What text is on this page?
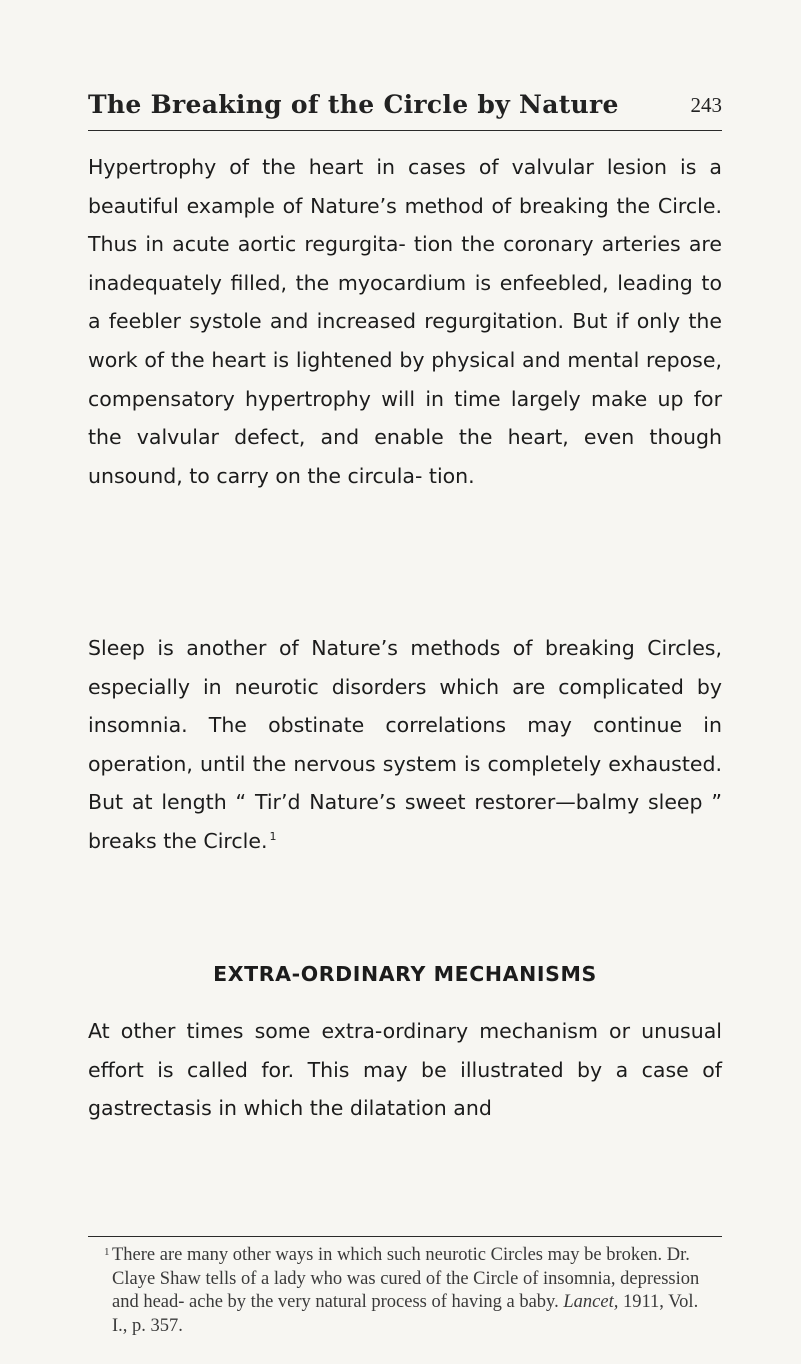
The Breaking of the Circle by Nature	243

Hypertrophy of the heart in cases of valvular lesion is a beautiful example of Nature’s method of breaking the Circle. Thus in acute aortic regurgita- tion the coronary arteries are inadequately filled, the myocardium is enfeebled, leading to a feebler systole and increased regurgitation. But if only the work of the heart is lightened by physical and mental repose, compensatory hypertrophy will in time largely make up for the valvular defect, and enable the heart, even though unsound, to carry on the circula- tion.

Sleep is another of Nature’s methods of breaking Circles, especially in neurotic disorders which are complicated by insomnia. The obstinate correlations may continue in operation, until the nervous system is completely exhausted. But at length “ Tir’d Nature’s sweet restorer—balmy sleep ” breaks the Circle. $^1$

EXTRA-ORDINARY MECHANISMS

At other times some extra-ordinary mechanism or unusual effort is called for. This may be illustrated by a case of gastrectasis in which the dilatation and

1 There are many other ways in which such neurotic Circles may be broken. Dr. Claye Shaw tells of a lady who was cured of the Circle of insomnia, depression and head- ache by the very natural process of having a baby. Lancet, 1911, Vol. I., p. 357.
